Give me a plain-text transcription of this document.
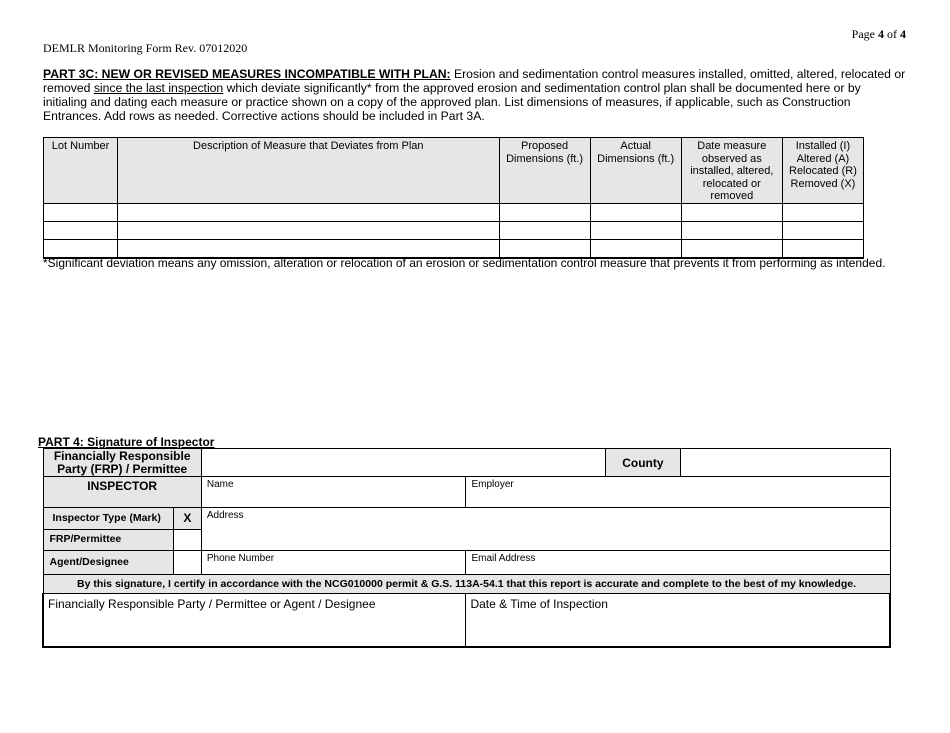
Page 4 of 4
DEMLR Monitoring Form Rev. 07012020
PART 3C: NEW OR REVISED MEASURES INCOMPATIBLE WITH PLAN: Erosion and sedimentation control measures installed, omitted, altered, relocated or removed since the last inspection which deviate significantly* from the approved erosion and sedimentation control plan shall be documented here or by initialing and dating each measure or practice shown on a copy of the approved plan. List dimensions of measures, if applicable, such as Construction Entrances. Add rows as needed. Corrective actions should be included in Part 3A.
Lot Number	Description of Measure that Deviates from Plan	Proposed Dimensions (ft.)	Actual Dimensions (ft.)	Date measure observed as installed, altered, relocated or removed	Installed (I) Altered (A) Relocated (R) Removed (X)

*Significant deviation means any omission, alteration or relocation of an erosion or sedimentation control measure that prevents it from performing as intended.
PART 4: Signature of Inspector
Financially Responsible Party (FRP) / Permittee				County	
INSPECTOR		Name	Employer		
Inspector Type (Mark)	X	Address			
FRP/Permittee					
Agent/Designee		Phone Number	Email Address		
By this signature, I certify in accordance with the NCG010000 permit & G.S. 113A-54.1 that this report is accurate and complete to the best of my knowledge.					
Financially Responsible Party / Permittee or Agent / Designee			Date & Time of Inspection		
